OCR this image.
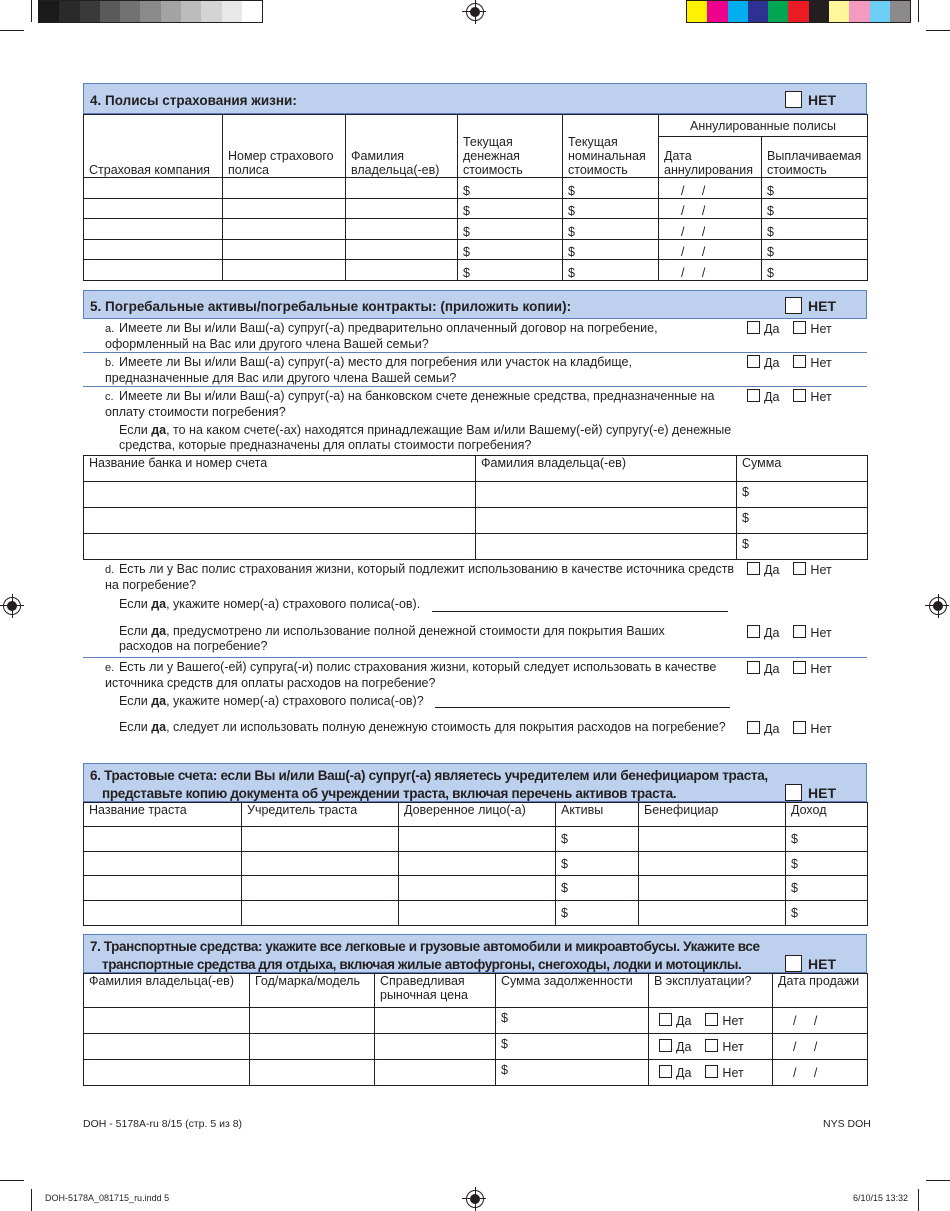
4. Полисы страхования жизни:	НЕТ
Страховая компания	Номер страхового полиса	Фамилия владельца(-ев)	Текущая денежная стоимость	Текущая номинальная стоимость	Аннулированные полисы	
					Дата аннулирования	Выплачиваемая стоимость
			$	$	/     /	$
			$	$	/     /	$
			$	$	/     /	$
			$	$	/     /	$
			$	$	/     /	$
5. Погребальные активы/погребальные контракты: (приложить копии):	НЕТ
a. Имеете ли Вы и/или Ваш(-а) супруг(-а) предварительно оплаченный договор на погребение, оформленный на Вас или другого члена Вашей семьи?
Да	Нет
b. Имеете ли Вы и/или Ваш(-а) супруг(-а) место для погребения или участок на кладбище, предназначенные для Вас или другого члена Вашей семьи?
Да	Нет
c. Имеете ли Вы и/или Ваш(-а) супруг(-а) на банковском счете денежные средства, предназначенные на оплату стоимости погребения?
Да	Нет
Если да, то на каком счете(-ах) находятся принадлежащие Вам и/или Вашему(-ей) супругу(-е) денежные средства, которые предназначены для оплаты стоимости погребения?
Название банка и номер счета	Фамилия владельца(-ев)	Сумма
		$
		$
		$
d. Есть ли у Вас полис страхования жизни, который подлежит использованию в качестве источника средств на погребение?
Да	Нет
Если да, укажите номер(-а) страхового полиса(-ов).
Если да, предусмотрено ли использование полной денежной стоимости для покрытия Ваших расходов на погребение?
Да	Нет
e. Есть ли у Вашего(-ей) супруга(-и) полис страхования жизни, который следует использовать в качестве источника средств для оплаты расходов на погребение?
Да	Нет
Если да, укажите номер(-а) страхового полиса(-ов)?
Если да, следует ли использовать полную денежную стоимость для покрытия расходов на погребение?	Да	Нет
6. Трастовые счета: если Вы и/или Ваш(-а) супруг(-а) являетесь учредителем или бенефициаром траста,
представьте копию документа об учреждении траста, включая перечень активов траста.	НЕТ
Название траста	Учредитель траста	Доверенное лицо(-а)	Активы	Бенефициар	Доход
			$		$
			$		$
			$		$
			$		$
7. Транспортные средства: укажите все легковые и грузовые автомобили и микроавтобусы. Укажите все
транспортные средства для отдыха, включая жилые автофургоны, снегоходы, лодки и мотоциклы.	НЕТ
Фамилия владельца(-ев)	Год/марка/модель	Справедливая рыночная цена	Сумма задолженности	В эксплуатации?	Дата продажи
			$	Да Нет	/     /
			$	Да Нет	/     /
			$	Да Нет	/     /
DOH - 5178A-ru 8/15 (стр. 5 из 8)	NYS DOH
DOH-5178A_081715_ru.indd 5	6/10/15 13:32
